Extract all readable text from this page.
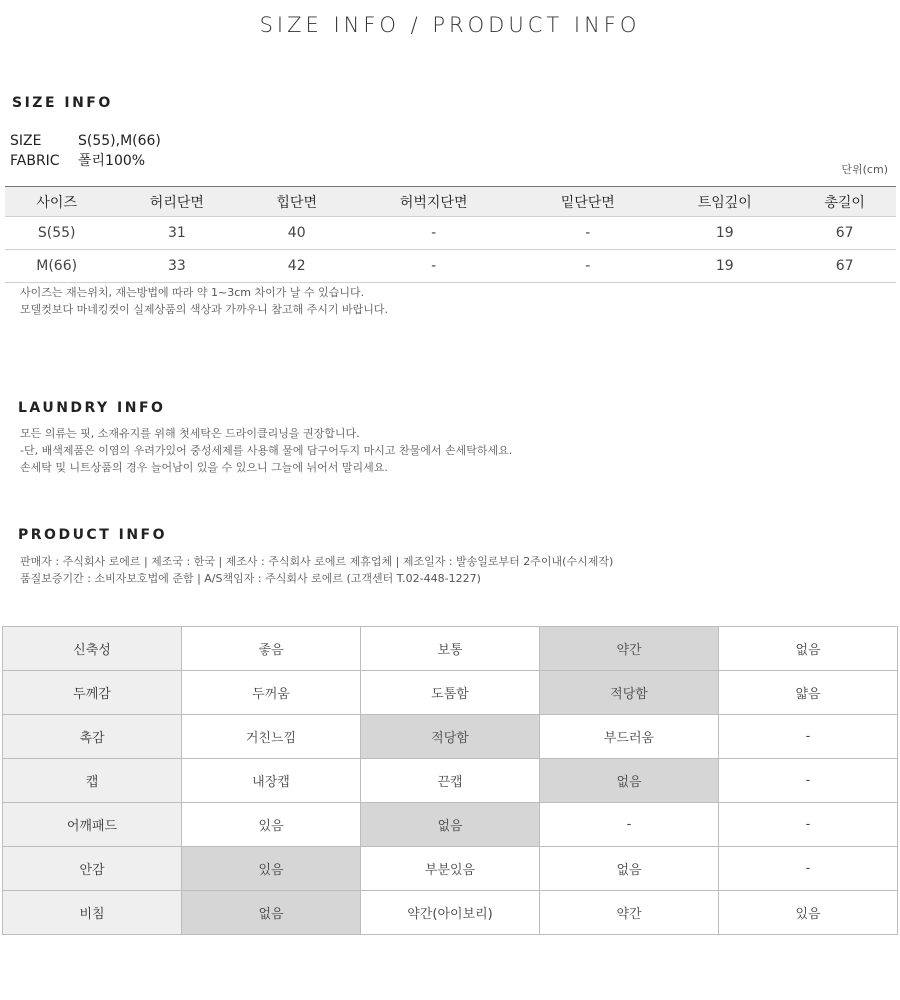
SIZE INFO / PRODUCT INFO
SIZE INFO
SIZE	S(55),M(66)
FABRIC 폴리100%
단위(cm)
사이즈	허리단면	힙단면	허벅지단면	밑단단면	트임깊이	총길이
S(55)	31	40	-	-	19	67
M(66)	33	42	-	-	19	67
사이즈는 재는위치, 재는방법에 따라 약 1~3cm 차이가 날 수 있습니다.
모델컷보다 마네킹컷이 실제상품의 색상과 가까우니 참고해 주시기 바랍니다.
LAUNDRY INFO
모든 의류는 핏, 소재유지를 위해 첫세탁은 드라이클리닝을 권장합니다.
-단, 배색제품은 이염의 우려가있어 중성세제를 사용해 물에 담구어두지 마시고 찬물에서 손세탁하세요.
손세탁 및 니트상품의 경우 늘어남이 있을 수 있으니 그늘에 뉘어서 말리세요.
PRODUCT INFO
판매자 : 주식회사 로에르 | 제조국 : 한국 | 제조사 : 주식회사 로에르 제휴업체 | 제조일자 : 발송일로부터 2주이내(수시제작)
품질보증기간 : 소비자보호법에 준함 | A/S책임자 : 주식회사 로에르 (고객센터 T.02-448-1227)
신축성	좋음	보통	약간	없음
두께감	두꺼움	도톰함	적당함	얇음
촉감	거친느낌	적당함	부드러움	-
캡	내장캡	끈캡	없음	-
어깨패드	있음	없음	-	-
안감	있음	부분있음	없음	-
비침	없음	약간(아이보리)	약간	있음
